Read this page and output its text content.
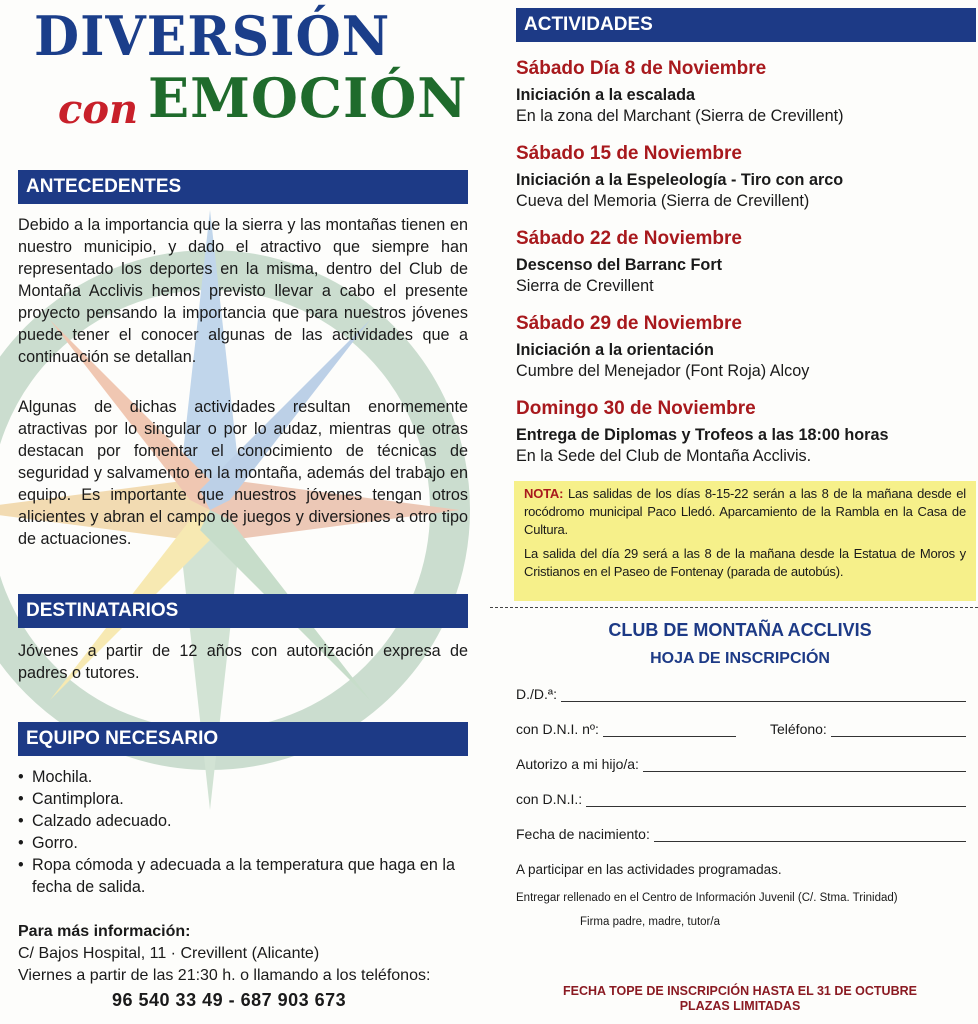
DIVERSIÓN
con EMOCIÓN
ANTECEDENTES
Debido a la importancia que la sierra y las montañas tienen en nuestro municipio, y dado el atractivo que siempre han representado los deportes en la misma, dentro del Club de Montaña Acclivis hemos previsto llevar a cabo el presente proyecto pensando la importancia que para nuestros jóvenes puede tener el conocer algunas de las actividades que a continuación se detallan.
Algunas de dichas actividades resultan enormemente atractivas por lo singular o por lo audaz, mientras que otras destacan por fomentar el conocimiento de técnicas de seguridad y salvamento en la montaña, además del trabajo en equipo. Es importante que nuestros jóvenes tengan otros alicientes y abran el campo de juegos y diversiones a otro tipo de actuaciones.
DESTINATARIOS
Jóvenes a partir de 12 años con autorización expresa de padres o tutores.
EQUIPO NECESARIO
• Mochila.
• Cantimplora.
• Calzado adecuado.
• Gorro.
• Ropa cómoda y adecuada a la temperatura que haga en la fecha de salida.
Para más información:
C/ Bajos Hospital, 11 · Crevillent (Alicante)
Viernes a partir de las 21:30 h. o llamando a los teléfonos:
96 540 33 49 - 687 903 673
ACTIVIDADES
Sábado Día 8 de Noviembre
Iniciación a la escalada
En la zona del Marchant (Sierra de Crevillent)
Sábado 15 de Noviembre
Iniciación a la Espeleología - Tiro con arco
Cueva del Memoria (Sierra de Crevillent)
Sábado 22 de Noviembre
Descenso del Barranc Fort
Sierra de Crevillent
Sábado 29 de Noviembre
Iniciación a la orientación
Cumbre del Menejador (Font Roja) Alcoy
Domingo 30 de Noviembre
Entrega de Diplomas y Trofeos a las 18:00 horas
En la Sede del Club de Montaña Acclivis.

NOTA: Las salidas de los días 8-15-22 serán a las 8 de la mañana desde el rocódromo municipal Paco Lledó. Aparcamiento de la Rambla en la Casa de Cultura.

La salida del día 29 será a las 8 de la mañana desde la Estatua de Moros y Cristianos en el Paseo de Fontenay (parada de autobús).

CLUB DE MONTAÑA ACCLIVIS
HOJA DE INSCRIPCIÓN
D./D.ª:
con D.N.I. nº:	Teléfono:
Autorizo a mi hijo/a:
con D.N.I.:
Fecha de nacimiento:
A participar en las actividades programadas.
Entregar rellenado en el Centro de Información Juvenil (C/. Stma. Trinidad)
Firma padre, madre, tutor/a
FECHA TOPE DE INSCRIPCIÓN HASTA EL 31 DE OCTUBRE
PLAZAS LIMITADAS
